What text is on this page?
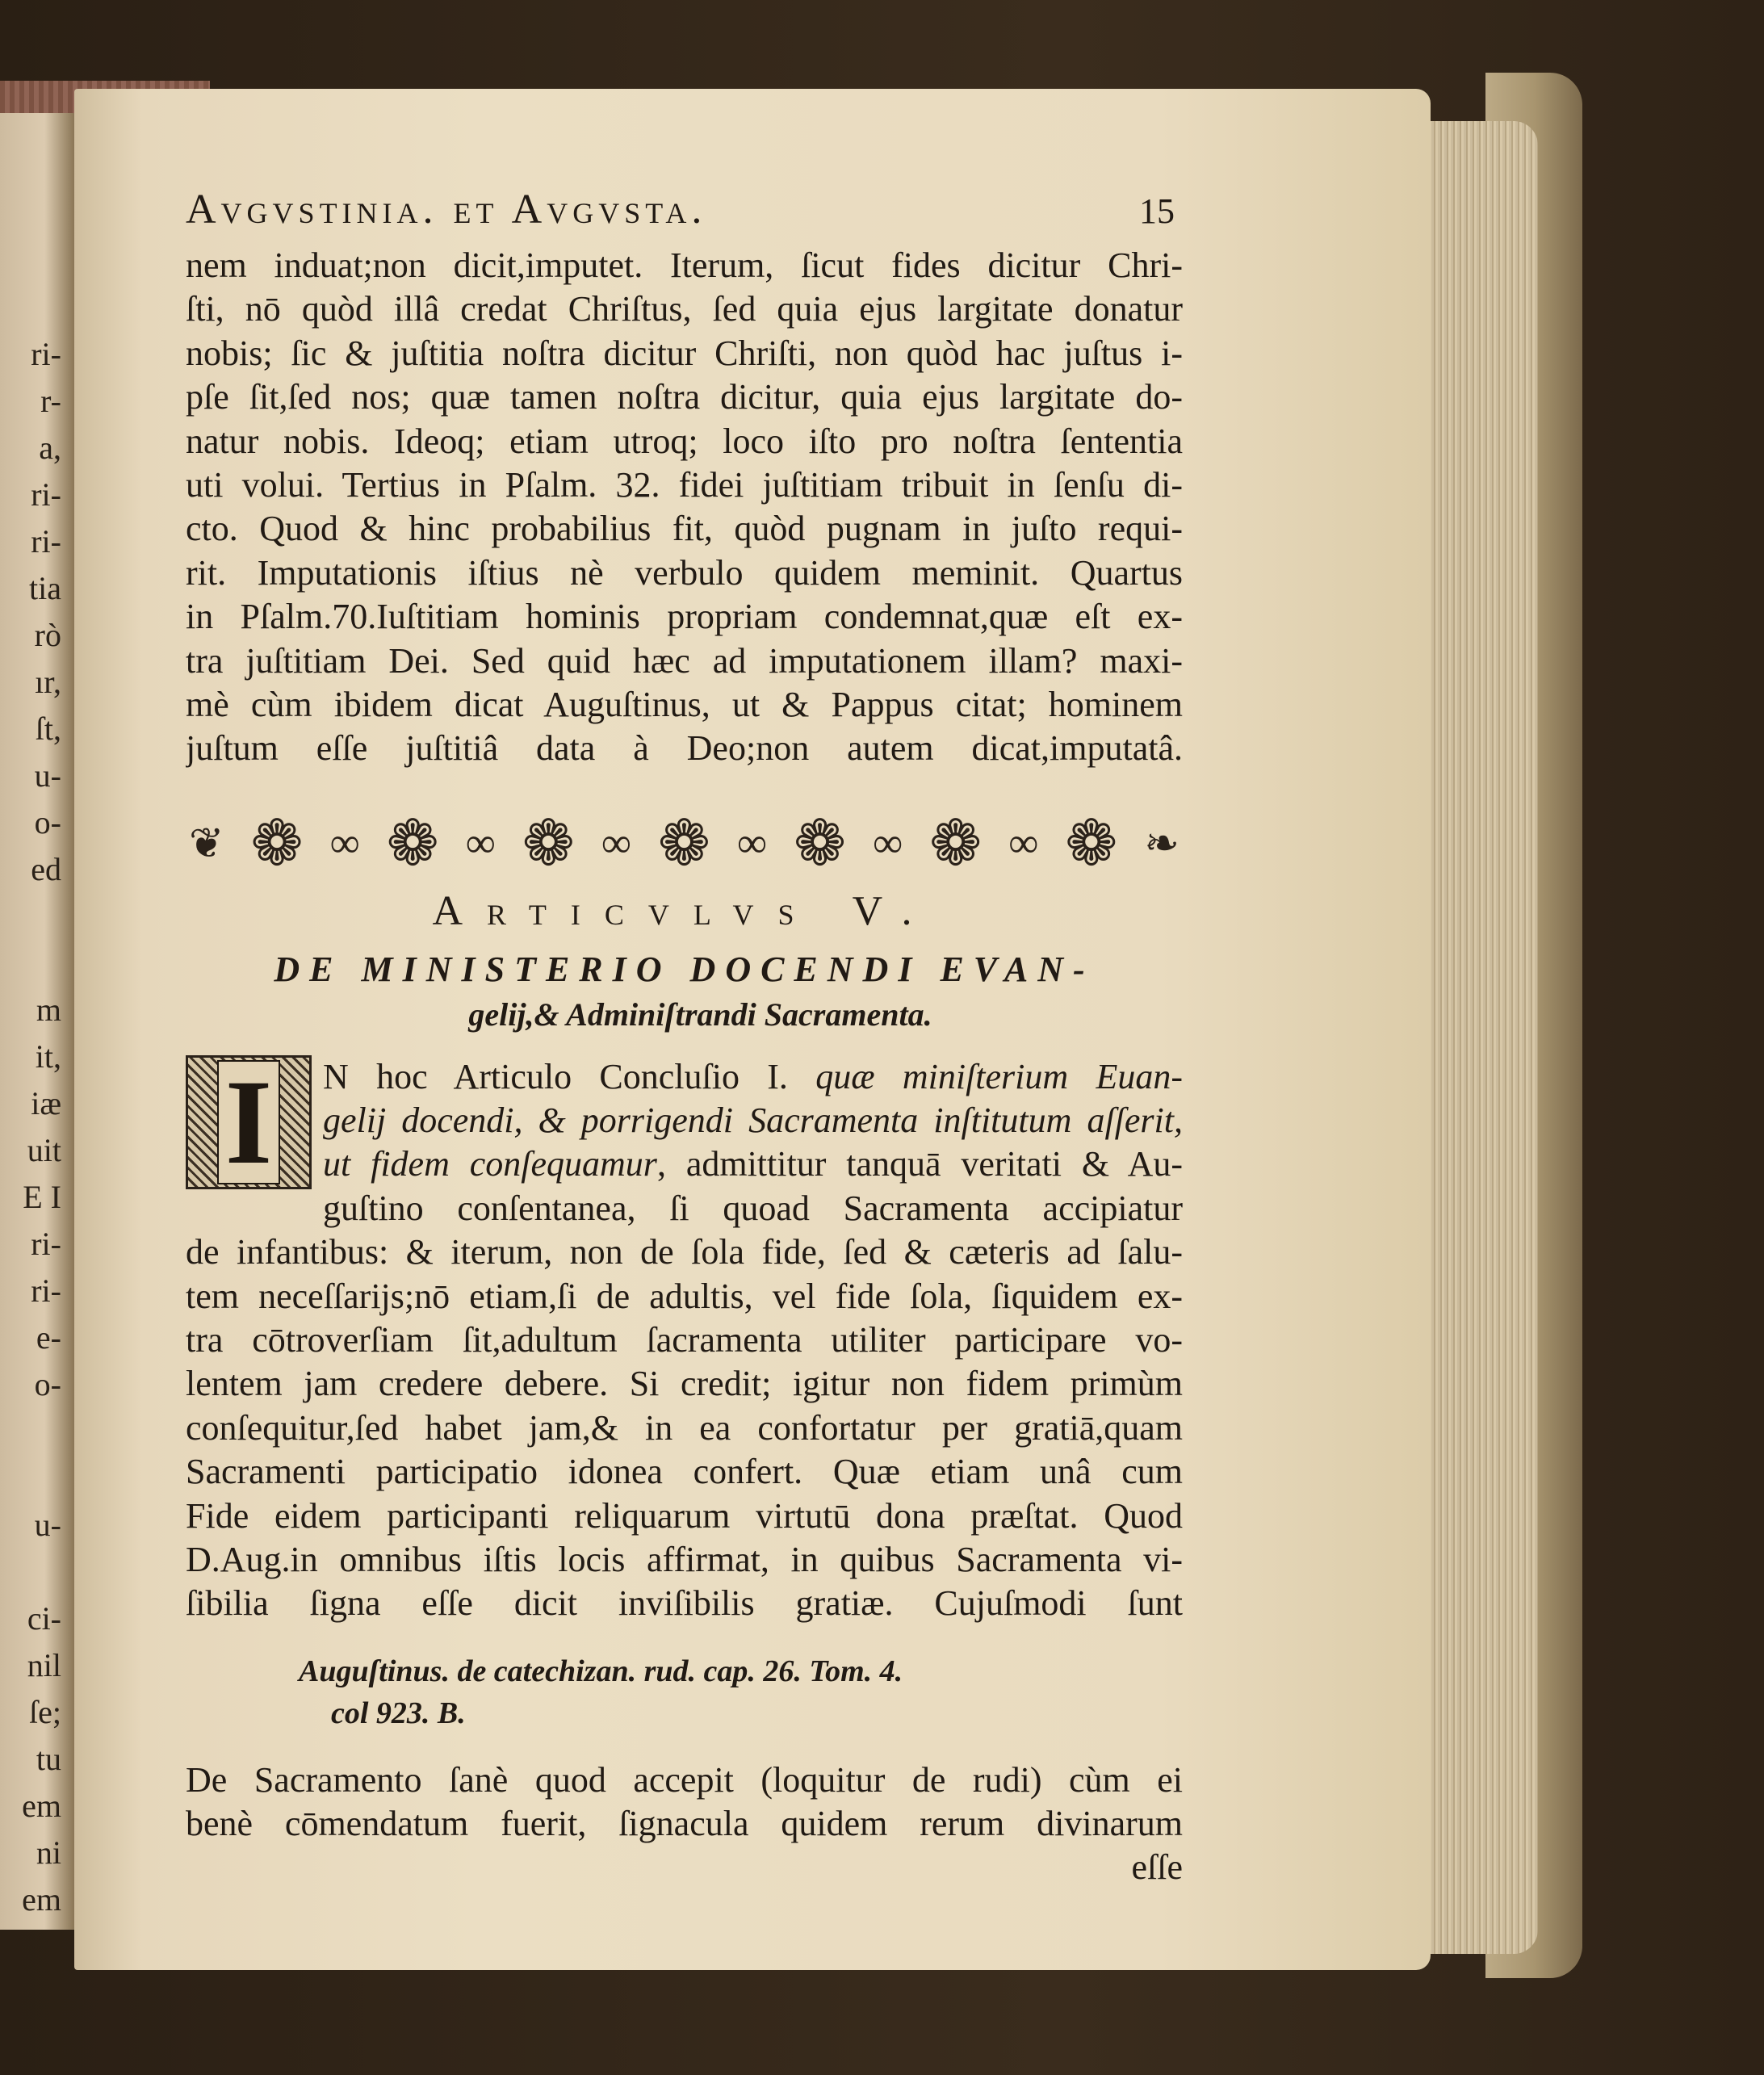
ri-
r-
a,
ri-
ri-
tia
rò
ır,
ſt,
u-
o-
ed
m
it,
iæ
uit
E I
ri-
ri-
e-
o-
u-
ci-
nil
ſe;
tu
em
ni
em
Avgvstinia. et Avgvsta.	15
nem induat;non dicit,imputet. Iterum, ſicut fides dicitur Chri-
ſti, nō quòd illâ credat Chriſtus, ſed quia ejus largitate donatur
nobis; ſic & juſtitia noſtra dicitur Chriſti, non quòd hac juſtus i-
pſe ſit,ſed nos; quæ tamen noſtra dicitur, quia ejus largitate do-
natur nobis. Ideoq; etiam utroq; loco iſto pro noſtra ſententia
uti volui. Tertius in Pſalm. 32. fidei juſtitiam tribuit in ſenſu di-
cto. Quod & hinc probabilius fit, quòd pugnam in juſto requi-
rit. Imputationis iſtius nè verbulo quidem meminit. Quartus
in Pſalm.70.Iuſtitiam hominis propriam condemnat,quæ eſt ex-
tra juſtitiam Dei. Sed quid hæc ad imputationem illam? maxi-
mè cùm ibidem dicat Auguſtinus, ut & Pappus citat; hominem
juſtum eſſe juſtitiâ data à Deo;non autem dicat,imputatâ.
❦ ❁ ∞ ❁ ∞ ❁ ∞ ❁ ∞ ❁ ∞ ❁ ∞ ❁ ❧
Articvlvs V.
DE MINISTERIO DOCENDI EVAN-
gelij,& Adminiſtrandi Sacramenta.
I N hoc Articulo Concluſio I. quæ miniſterium Euan-
gelij docendi, & porrigendi Sacramenta inſtitutum aſſerit,
ut fidem conſequamur, admittitur tanquā veritati & Au-
guſtino conſentanea, ſi quoad Sacramenta accipiatur
de infantibus: & iterum, non de ſola fide, ſed & cæteris ad ſalu-
tem neceſſarijs;nō etiam,ſi de adultis, vel fide ſola, ſiquidem ex-
tra cōtroverſiam ſit,adultum ſacramenta utiliter participare vo-
lentem jam credere debere. Si credit; igitur non fidem primùm
conſequitur,ſed habet jam,& in ea confortatur per gratiā,quam
Sacramenti participatio idonea confert. Quæ etiam unâ cum
Fide eidem participanti reliquarum virtutū dona præſtat. Quod
D.Aug.in omnibus iſtis locis affirmat, in quibus Sacramenta vi-
ſibilia ſigna eſſe dicit inviſibilis gratiæ. Cujuſmodi ſunt
Auguſtinus. de catechizan. rud. cap. 26. Tom. 4.
col 923. B.
De Sacramento ſanè quod accepit (loquitur de rudi) cùm ei
benè cōmendatum fuerit, ſignacula quidem rerum divinarum
eſſe
